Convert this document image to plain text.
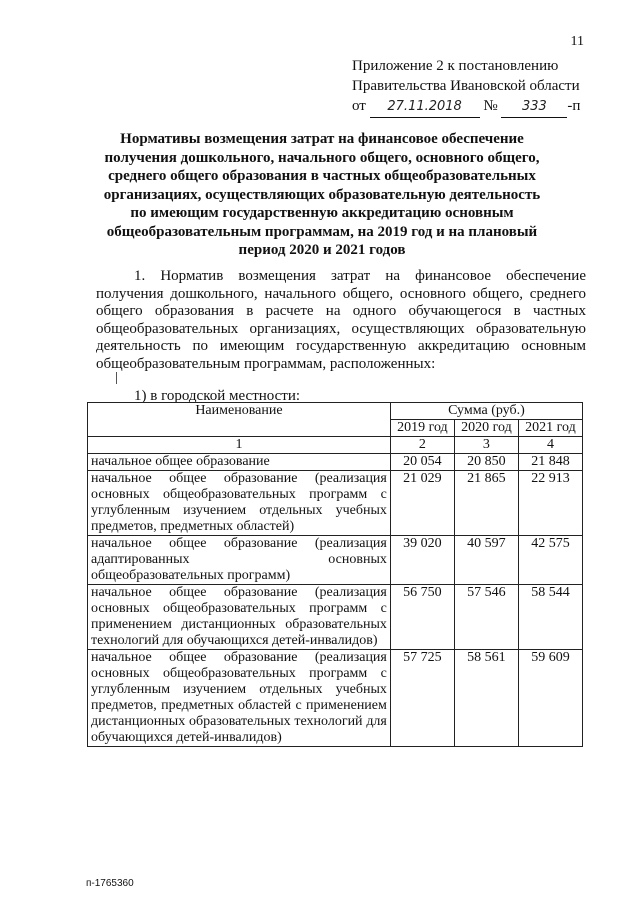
11
Приложение 2 к постановлению
Правительства Ивановской области
от 27.11.2018 № 333 -п
Нормативы возмещения затрат на финансовое обеспечение получения дошкольного, начального общего, основного общего, среднего общего образования в частных общеобразовательных организациях, осуществляющих образовательную деятельность по имеющим государственную аккредитацию основным общеобразовательным программам, на 2019 год и на плановый период 2020 и 2021 годов
1. Норматив возмещения затрат на финансовое обеспечение получения дошкольного, начального общего, основного общего, среднего общего образования в расчете на одного обучающегося в частных общеобразовательных организациях, осуществляющих образовательную деятельность по имеющим государственную аккредитацию основным общеобразовательным программам, расположенных:
1) в городской местности:
Наименование	Сумма (руб.)		
	2019 год	2020 год	2021 год
1	2	3	4
начальное общее образование	20 054	20 850	21 848
начальное общее образование (реализация основных общеобразовательных программ с углубленным изучением отдельных учебных предметов, предметных областей)	21 029	21 865	22 913
начальное общее образование (реализация адаптированных основных общеобразовательных программ)	39 020	40 597	42 575
начальное общее образование (реализация основных общеобразовательных программ с применением дистанционных образовательных технологий для обучающихся детей-инвалидов)	56 750	57 546	58 544
начальное общее образование (реализация основных общеобразовательных программ с углубленным изучением отдельных учебных предметов, предметных областей с применением дистанционных образовательных технологий для обучающихся детей-инвалидов)	57 725	58 561	59 609
п-1765360
